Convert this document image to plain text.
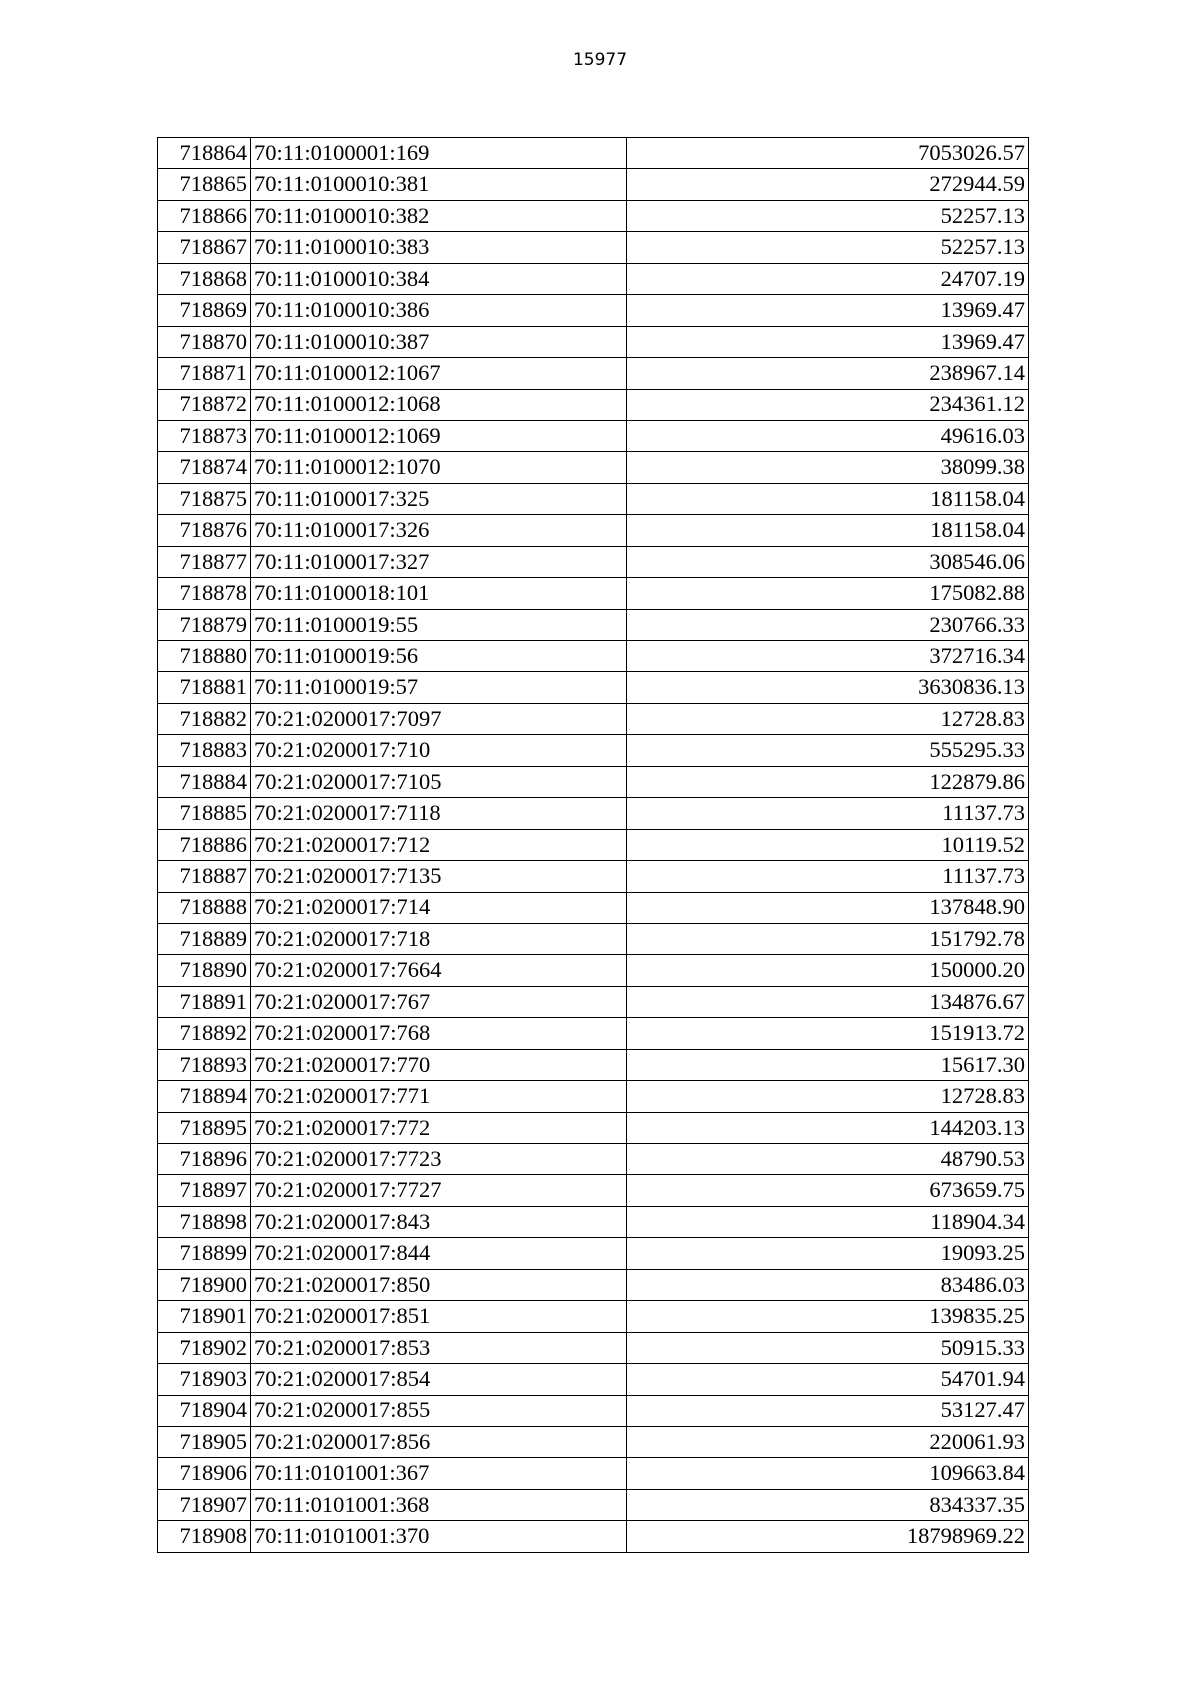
15977
718864	70:11:0100001:169	7053026.57
718865	70:11:0100010:381	272944.59
718866	70:11:0100010:382	52257.13
718867	70:11:0100010:383	52257.13
718868	70:11:0100010:384	24707.19
718869	70:11:0100010:386	13969.47
718870	70:11:0100010:387	13969.47
718871	70:11:0100012:1067	238967.14
718872	70:11:0100012:1068	234361.12
718873	70:11:0100012:1069	49616.03
718874	70:11:0100012:1070	38099.38
718875	70:11:0100017:325	181158.04
718876	70:11:0100017:326	181158.04
718877	70:11:0100017:327	308546.06
718878	70:11:0100018:101	175082.88
718879	70:11:0100019:55	230766.33
718880	70:11:0100019:56	372716.34
718881	70:11:0100019:57	3630836.13
718882	70:21:0200017:7097	12728.83
718883	70:21:0200017:710	555295.33
718884	70:21:0200017:7105	122879.86
718885	70:21:0200017:7118	11137.73
718886	70:21:0200017:712	10119.52
718887	70:21:0200017:7135	11137.73
718888	70:21:0200017:714	137848.90
718889	70:21:0200017:718	151792.78
718890	70:21:0200017:7664	150000.20
718891	70:21:0200017:767	134876.67
718892	70:21:0200017:768	151913.72
718893	70:21:0200017:770	15617.30
718894	70:21:0200017:771	12728.83
718895	70:21:0200017:772	144203.13
718896	70:21:0200017:7723	48790.53
718897	70:21:0200017:7727	673659.75
718898	70:21:0200017:843	118904.34
718899	70:21:0200017:844	19093.25
718900	70:21:0200017:850	83486.03
718901	70:21:0200017:851	139835.25
718902	70:21:0200017:853	50915.33
718903	70:21:0200017:854	54701.94
718904	70:21:0200017:855	53127.47
718905	70:21:0200017:856	220061.93
718906	70:11:0101001:367	109663.84
718907	70:11:0101001:368	834337.35
718908	70:11:0101001:370	18798969.22
